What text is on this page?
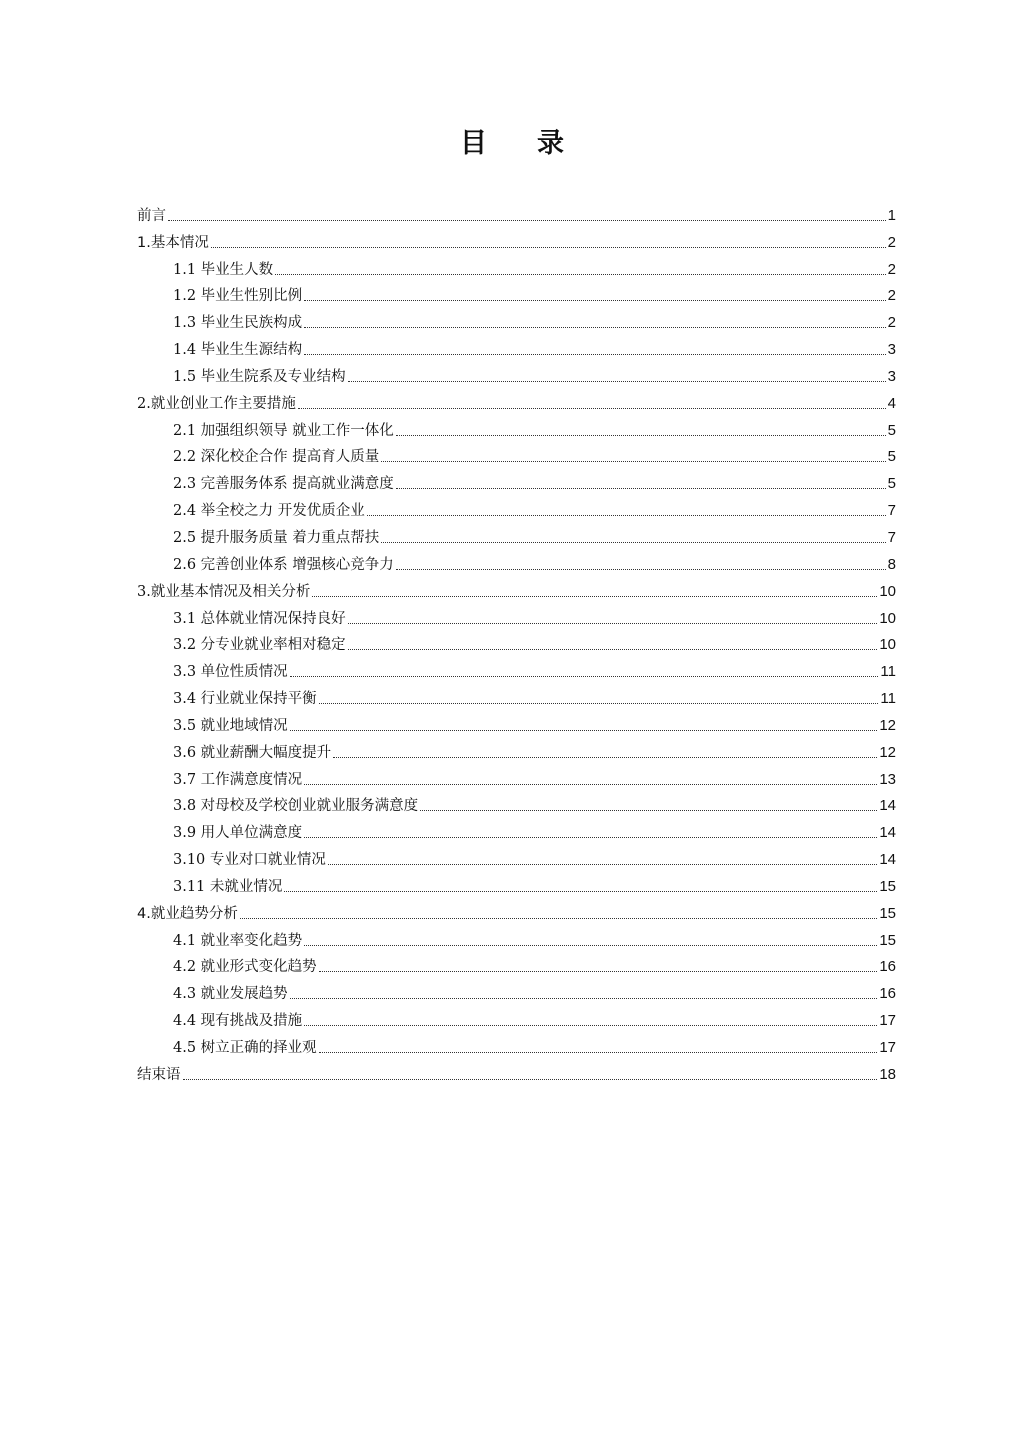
目 录
前言	1
1.基本情况	2
1.1 毕业生人数	2
1.2 毕业生性别比例	2
1.3 毕业生民族构成	2
1.4 毕业生生源结构	3
1.5 毕业生院系及专业结构	3
2.就业创业工作主要措施	4
2.1 加强组织领导 就业工作一体化	5
2.2 深化校企合作 提高育人质量	5
2.3 完善服务体系 提高就业满意度	5
2.4 举全校之力 开发优质企业	7
2.5 提升服务质量 着力重点帮扶	7
2.6 完善创业体系 增强核心竞争力	8
3.就业基本情况及相关分析	10
3.1 总体就业情况保持良好	10
3.2 分专业就业率相对稳定	10
3.3 单位性质情况	11
3.4 行业就业保持平衡	11
3.5 就业地域情况	12
3.6 就业薪酬大幅度提升	12
3.7 工作满意度情况	13
3.8 对母校及学校创业就业服务满意度	14
3.9 用人单位满意度	14
3.10 专业对口就业情况	14
3.11 未就业情况	15
4.就业趋势分析	15
4.1 就业率变化趋势	15
4.2 就业形式变化趋势	16
4.3 就业发展趋势	16
4.4 现有挑战及措施	17
4.5 树立正确的择业观	17
结束语	18
